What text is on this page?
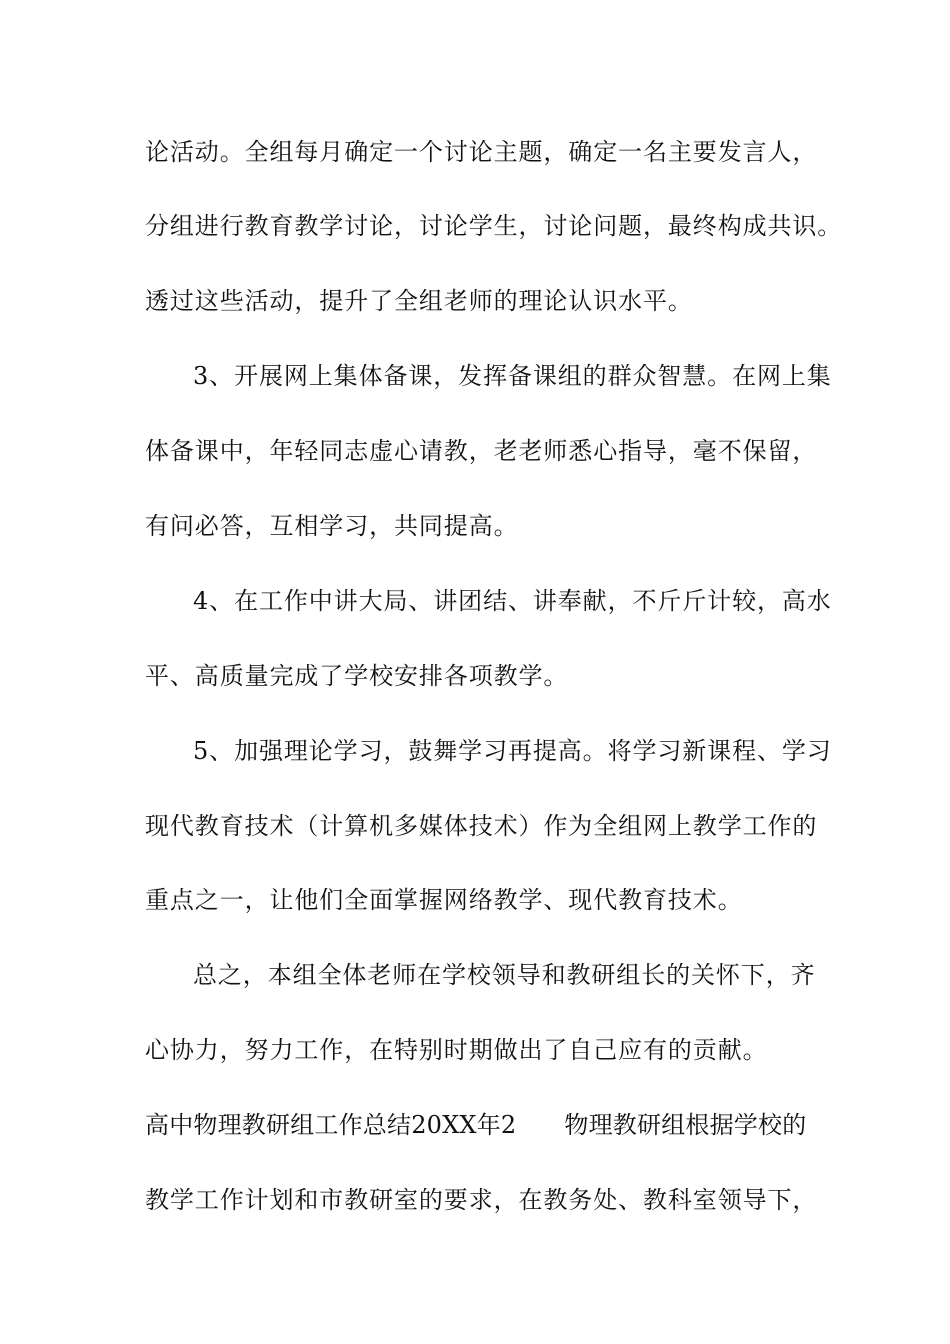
论活动。全组每月确定一个讨论主题，确定一名主要发言人，
分组进行教育教学讨论，讨论学生，讨论问题，最终构成共识。
透过这些活动，提升了全组老师的理论认识水平。
3、开展网上集体备课，发挥备课组的群众智慧。在网上集
体备课中，年轻同志虚心请教，老老师悉心指导，毫不保留，
有问必答，互相学习，共同提高。
4、在工作中讲大局、讲团结、讲奉献，不斤斤计较，高水
平、高质量完成了学校安排各项教学。
5、加强理论学习，鼓舞学习再提高。将学习新课程、学习
现代教育技术（计算机多媒体技术）作为全组网上教学工作的
重点之一，让他们全面掌握网络教学、现代教育技术。
总之，本组全体老师在学校领导和教研组长的关怀下，齐
心协力，努力工作，在特别时期做出了自己应有的贡献。
高中物理教研组工作总结20XX年2 物理教研组根据学校的
教学工作计划和市教研室的要求，在教务处、教科室领导下，
